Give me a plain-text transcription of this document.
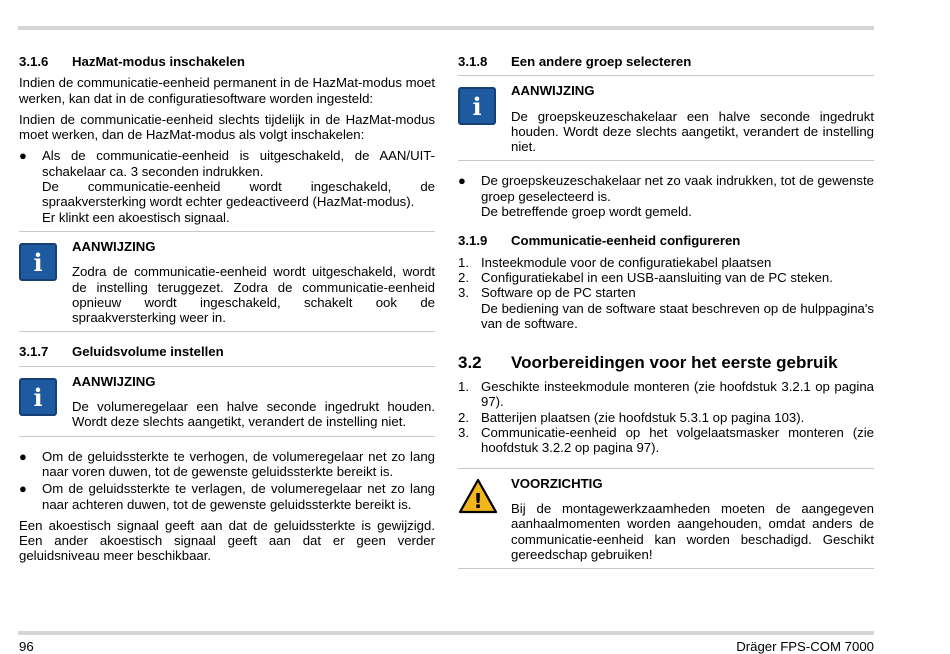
3.1.6	HazMat-modus inschakelen

Indien de communicatie-eenheid permanent in de HazMat-modus moet werken, kan dat in de configuratiesoftware worden ingesteld:

Indien de communicatie-eenheid slechts tijdelijk in de HazMat-modus moet werken, dan de HazMat-modus als volgt inschakelen:

●	Als de communicatie-eenheid is uitgeschakeld, de AAN/UIT-schakelaar ca. 3 seconden indrukken.
De communicatie-eenheid wordt ingeschakeld, de spraakversterking wordt echter gedeactiveerd (HazMat-modus).
Er klinkt een akoestisch signaal.
i
AANWIJZING

Zodra de communicatie-eenheid wordt uitgeschakeld, wordt de instelling teruggezet. Zodra de communicatie-eenheid opnieuw wordt ingeschakeld, schakelt ook de spraakversterking weer in.

3.1.7	Geluidsvolume instellen
i
AANWIJZING

De volumeregelaar een halve seconde ingedrukt houden. Wordt deze slechts aangetikt, verandert de instelling niet.

●	Om de geluidssterkte te verhogen, de volumeregelaar net zo lang naar voren duwen, tot de gewenste geluidssterkte bereikt is.
●	Om de geluidssterkte te verlagen, de volumeregelaar net zo lang naar achteren duwen, tot de gewenste geluidssterkte bereikt is.

Een akoestisch signaal geeft aan dat de geluidssterkte is gewijzigd. Een ander akoestisch signaal geeft aan dat er geen verder geluidsniveau meer beschikbaar.

3.1.8	Een andere groep selecteren
i
AANWIJZING

De groepskeuzeschakelaar een halve seconde ingedrukt houden. Wordt deze slechts aangetikt, verandert de instelling niet.

●	De groepskeuzeschakelaar net zo vaak indrukken, tot de gewenste groep geselecteerd is.
De betreffende groep wordt gemeld.
3.1.9	Communicatie-eenheid configureren
1. Insteekmodule voor de configuratiekabel plaatsen
2. Configuratiekabel in een USB-aansluiting van de PC steken.
3. Software op de PC starten
De bediening van de software staat beschreven op de hulppagina's van de software.
3.2	Voorbereidingen voor het eerste gebruik
1. Geschikte insteekmodule monteren (zie hoofdstuk 3.2.1 op pagina 97).
2. Batterijen plaatsen (zie hoofdstuk 5.3.1 op pagina 103).
3. Communicatie-eenheid op het volgelaatsmasker monteren (zie hoofdstuk 3.2.2 op pagina 97).
!
VOORZICHTIG

Bij de montagewerkzaamheden moeten de aangegeven aanhaalmomenten worden aangehouden, omdat anders de communicatie-eenheid kan worden beschadigd. Geschikt gereedschap gebruiken!

96	Dräger FPS-COM 7000
